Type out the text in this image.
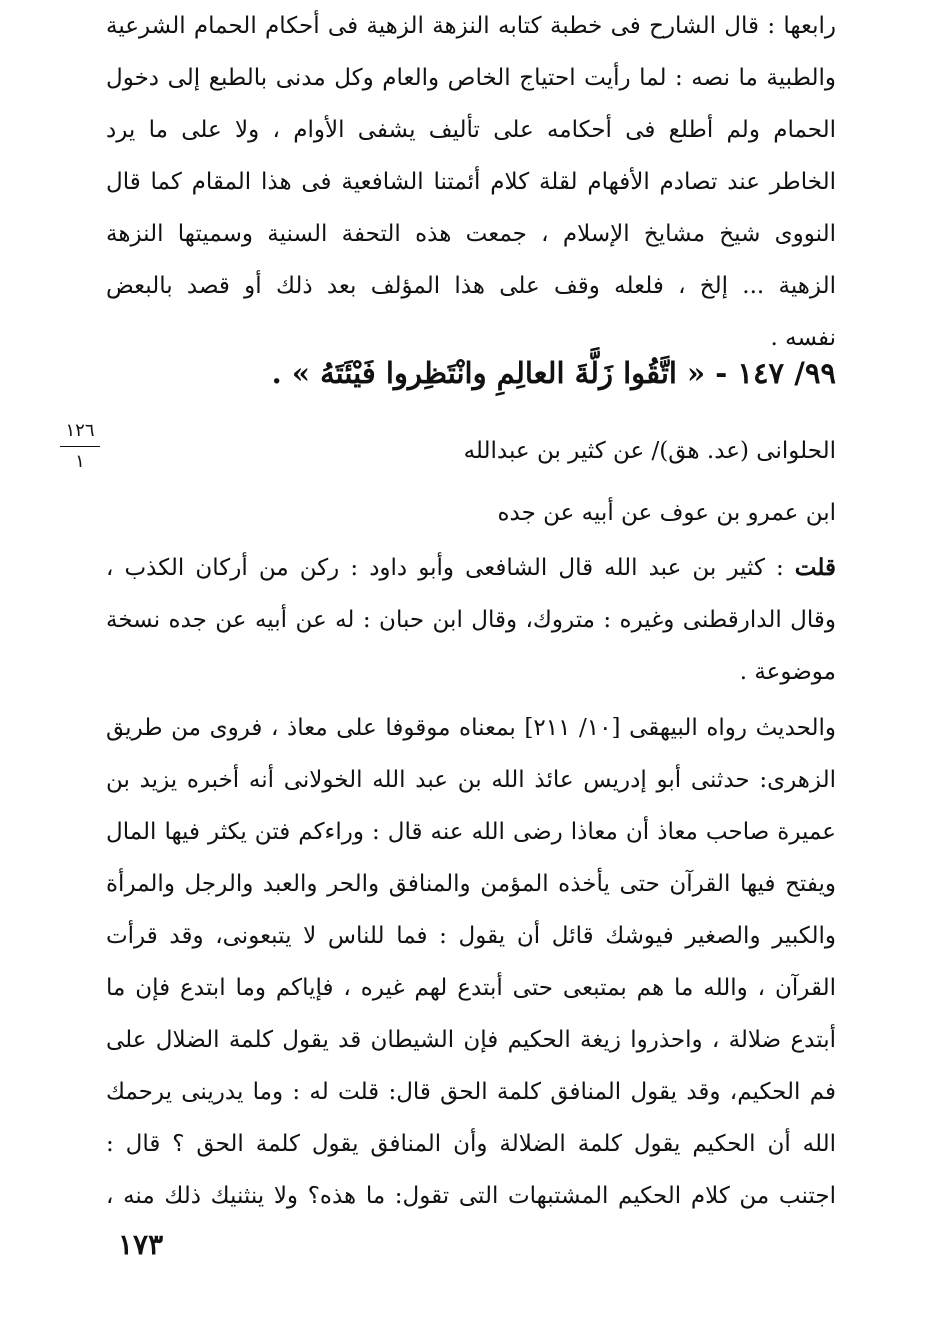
رابعها : قال الشارح فى خطبة كتابه النزهة الزهية فى أحكام الحمام الشرعية
والطبية ما نصه : لما رأيت احتياج الخاص والعام وكل مدنى بالطبع إلى دخول
الحمام ولم أطلع فى أحكامه على تأليف يشفى الأوام ، ولا على ما يرد
الخاطر عند تصادم الأفهام لقلة كلام أئمتنا الشافعية فى هذا المقام كما قال
النووى شيخ مشايخ الإسلام ، جمعت هذه التحفة السنية وسميتها النزهة
الزهية ... إلخ ، فلعله وقف على هذا المؤلف بعد ذلك أو قصد بالبعض
نفسه .
٩٩/ ١٤٧ - « اتَّقُوا زَلَّةَ العالِمِ وانْتَظِروا فَيْئَتَهُ » .
الحلوانى (عد. هق)/ عن كثير بن عبدالله
ابن عمرو بن عوف عن أبيه عن جده
١٢٦
١
قلت : كثير بن عبد الله قال الشافعى وأبو داود : ركن من أركان الكذب ،
وقال الدارقطنى وغيره : متروك، وقال ابن حبان : له عن أبيه عن جده نسخة
موضوعة .
والحديث رواه البيهقى [١٠/ ٢١١] بمعناه موقوفا على معاذ ، فروى من طريق
الزهرى: حدثنى أبو إدريس عائذ الله بن عبد الله الخولانى أنه أخبره يزيد بن
عميرة صاحب معاذ أن معاذا رضى الله عنه قال : وراءكم فتن يكثر فيها المال
ويفتح فيها القرآن حتى يأخذه المؤمن والمنافق والحر والعبد والرجل والمرأة
والكبير والصغير فيوشك قائل أن يقول : فما للناس لا يتبعونى، وقد قرأت
القرآن ، والله ما هم بمتبعى حتى أبتدع لهم غيره ، فإياكم وما ابتدع فإن ما
أبتدع ضلالة ، واحذروا زيغة الحكيم فإن الشيطان قد يقول كلمة الضلال على
فم الحكيم، وقد يقول المنافق كلمة الحق قال: قلت له : وما يدرينى يرحمك
الله أن الحكيم يقول كلمة الضلالة وأن المنافق يقول كلمة الحق ؟ قال :
اجتنب من كلام الحكيم المشتبهات التى تقول: ما هذه؟ ولا ينثنيك ذلك منه ،
١٧٣
